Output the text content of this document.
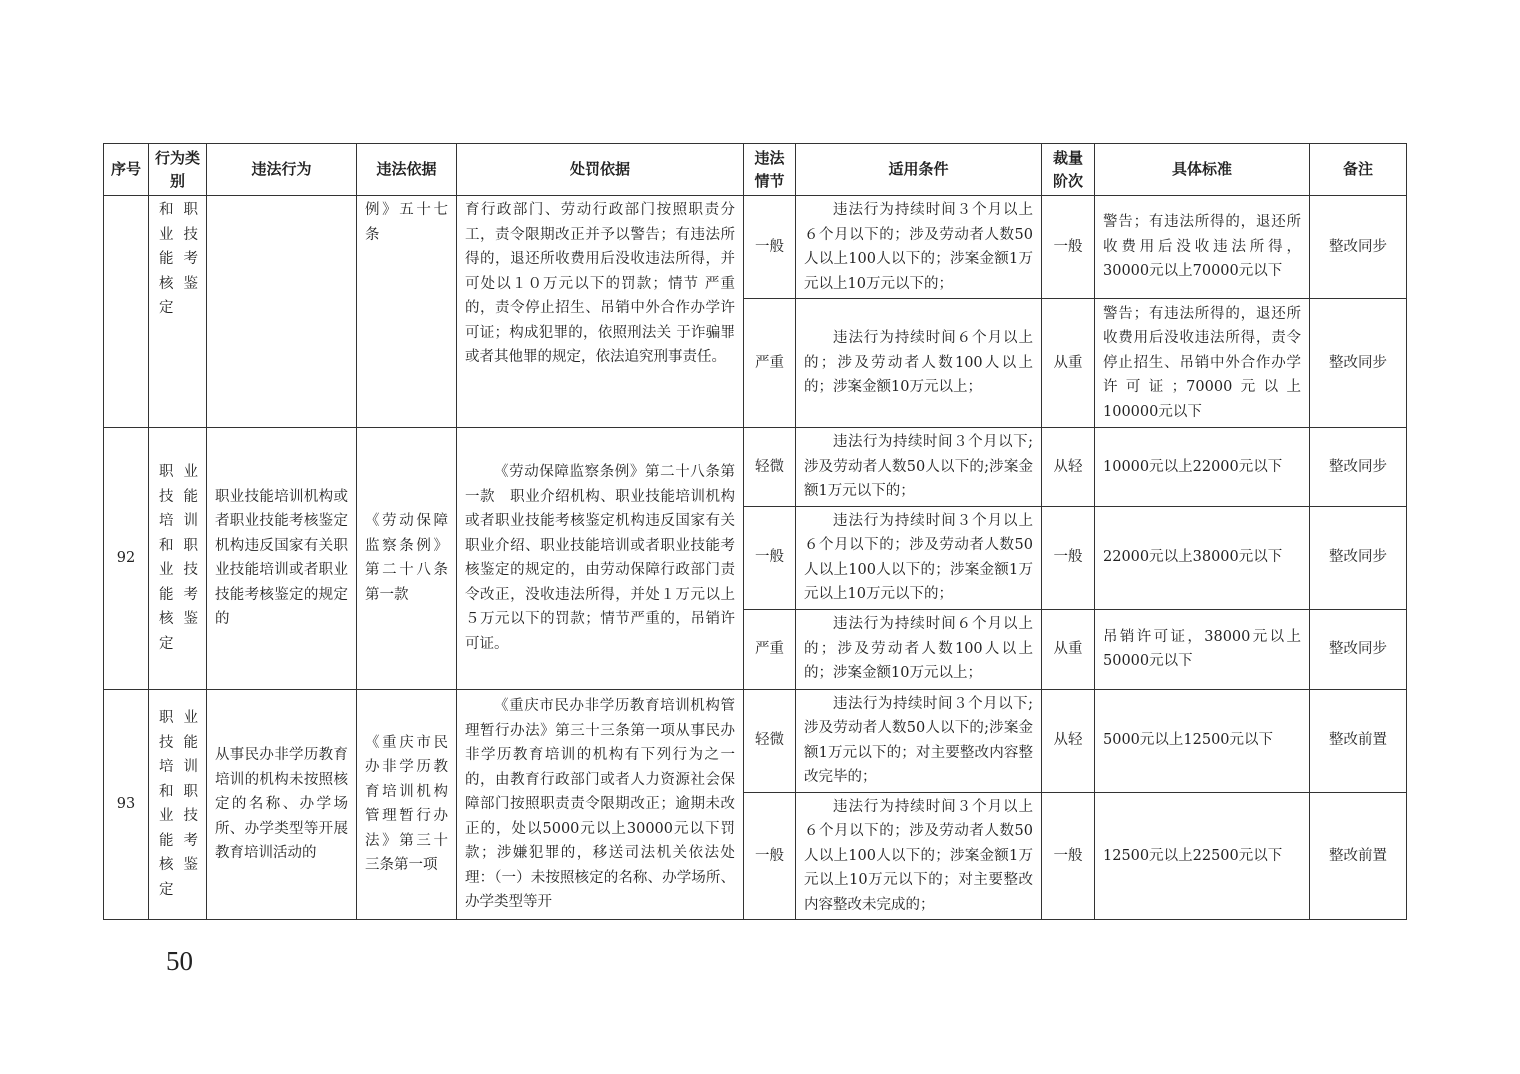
序号	行为类别	违法行为	违法依据	处罚依据	违法情节	适用条件	裁量阶次	具体标准	备注
	和职业技能考核鉴定		例》五十七条	育行政部门、劳动行政部门按照职责分工，责令限期改正并予以警告；有违法所得的，退还所收费用后没收违法所得，并可处以１０万元以下的罚款；情节 严重的，责令停止招生、吊销中外合作办学许可证；构成犯罪的，依照刑法关 于诈骗罪或者其他罪的规定，依法追究刑事责任。	一般	违法行为持续时间３个月以上６个月以下的；涉及劳动者人数50人以上100人以下的；涉案金额1万元以上10万元以下的；	一般	警告；有违法所得的，退还所收费用后没收违法所得，30000元以上70000元以下	整改同步
					严重	违法行为持续时间６个月以上的；涉及劳动者人数100人以上的；涉案金额10万元以上；	从重	警告；有违法所得的，退还所收费用后没收违法所得，责令停止招生、吊销中外合作办学许可证；70000元以上100000元以下	整改同步
92	职业技能培训和职业技能考核鉴定	职业技能培训机构或者职业技能考核鉴定机构违反国家有关职业技能培训或者职业技能考核鉴定的规定的	《劳动保障监察条例》第二十八条第一款	《劳动保障监察条例》第二十八条第一款　职业介绍机构、职业技能培训机构或者职业技能考核鉴定机构违反国家有关职业介绍、职业技能培训或者职业技能考核鉴定的规定的，由劳动保障行政部门责令改正，没收违法所得，并处１万元以上５万元以下的罚款；情节严重的，吊销许可证。	轻微	违法行为持续时间３个月以下;涉及劳动者人数50人以下的;涉案金额1万元以下的；	从轻	10000元以上22000元以下	整改同步
					一般	违法行为持续时间３个月以上６个月以下的；涉及劳动者人数50人以上100人以下的；涉案金额1万元以上10万元以下的；	一般	22000元以上38000元以下	整改同步
					严重	违法行为持续时间６个月以上的；涉及劳动者人数100人以上的；涉案金额10万元以上；	从重	吊销许可证，38000元以上50000元以下	整改同步
93	职业技能培训和职业技能考核鉴定	从事民办非学历教育培训的机构未按照核定的名称、办学场所、办学类型等开展教育培训活动的	《重庆市民办非学历教育培训机构管理暂行办法》第三十三条第一项	《重庆市民办非学历教育培训机构管理暂行办法》第三十三条第一项从事民办非学历教育培训的机构有下列行为之一的，由教育行政部门或者人力资源社会保障部门按照职责责令限期改正；逾期未改正的，处以5000元以上30000元以下罚款；涉嫌犯罪的，移送司法机关依法处理：（一）未按照核定的名称、办学场所、办学类型等开	轻微	违法行为持续时间３个月以下;涉及劳动者人数50人以下的;涉案金额1万元以下的；对主要整改内容整改完毕的；	从轻	5000元以上12500元以下	整改前置
					一般	违法行为持续时间３个月以上６个月以下的；涉及劳动者人数50人以上100人以下的；涉案金额1万元以上10万元以下的；对主要整改内容整改未完成的；	一般	12500元以上22500元以下	整改前置
50
